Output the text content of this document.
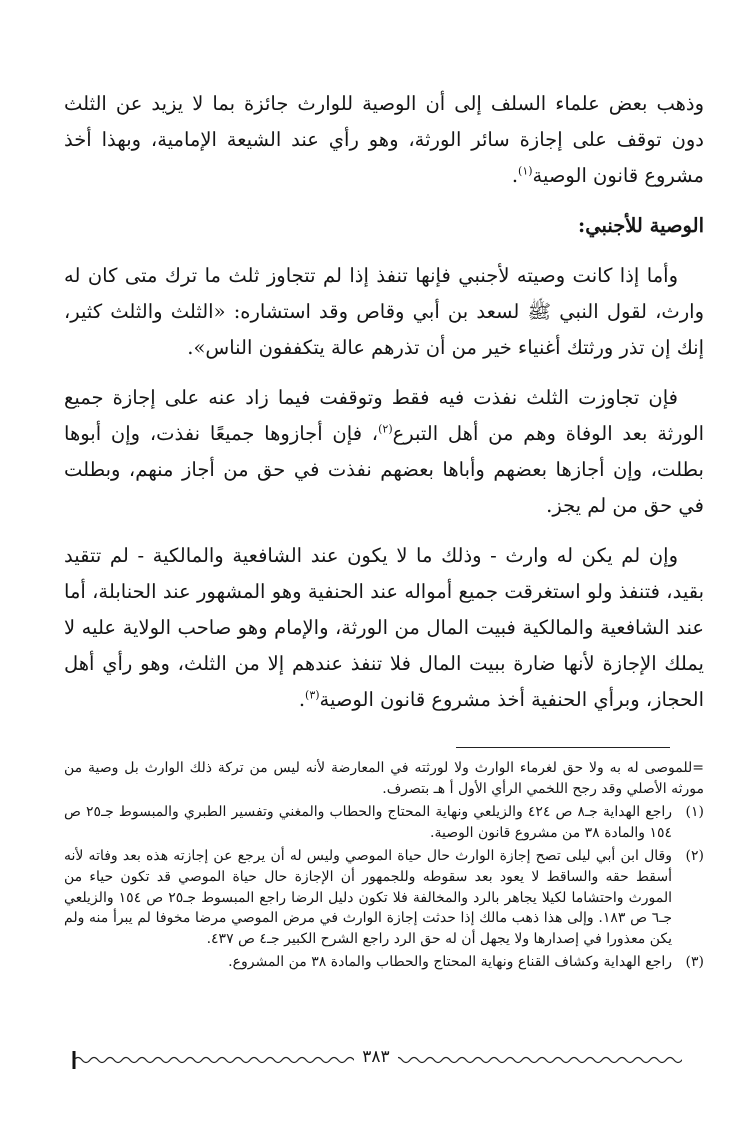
وذهب بعض علماء السلف إلى أن الوصية للوارث جائزة بما لا يزيد عن الثلث دون توقف على إجازة سائر الورثة، وهو رأي عند الشيعة الإمامية، وبهذا أخذ مشروع قانون الوصية$^{(١)}$.

الوصية للأجنبي:

وأما إذا كانت وصيته لأجنبي فإنها تنفذ إذا لم تتجاوز ثلث ما ترك متى كان له وارث، لقول النبي ﷺ لسعد بن أبي وقاص وقد استشاره: «الثلث والثلث كثير، إنك إن تذر ورثتك أغنياء خير من أن تذرهم عالة يتكففون الناس».

فإن تجاوزت الثلث نفذت فيه فقط وتوقفت فيما زاد عنه على إجازة جميع الورثة بعد الوفاة وهم من أهل التبرع$^{(٢)}$، فإن أجازوها جميعًا نفذت، وإن أبوها بطلت، وإن أجازها بعضهم وأباها بعضهم نفذت في حق من أجاز منهم، وبطلت في حق من لم يجز.

وإن لم يكن له وارث - وذلك ما لا يكون عند الشافعية والمالكية - لم تتقيد بقيد، فتنفذ ولو استغرقت جميع أمواله عند الحنفية وهو المشهور عند الحنابلة، أما عند الشافعية والمالكية فبيت المال من الورثة، والإمام وهو صاحب الولاية عليه لا يملك الإجازة لأنها ضارة ببيت المال فلا تنفذ عندهم إلا من الثلث، وهو رأي أهل الحجاز، وبرأي الحنفية أخذ مشروع قانون الوصية$^{(٣)}$.

=للموصى له به ولا حق لغرماء الوارث ولا لورثته في المعارضة لأنه ليس من تركة ذلك الوارث بل وصية من مورثه الأصلي وقد رجح اللخمي الرأي الأول أ هـ بتصرف.

(١)
راجع الهداية جـ٨ ص ٤٢٤ والزيلعي ونهاية المحتاج والحطاب والمغني وتفسير الطبري والمبسوط جـ٢٥ ص ١٥٤ والمادة ٣٨ من مشروع قانون الوصية.
(٢)
وقال ابن أبي ليلى تصح إجازة الوارث حال حياة الموصي وليس له أن يرجع عن إجازته هذه بعد وفاته لأنه أسقط حقه والساقط لا يعود بعد سقوطه وللجمهور أن الإجازة حال حياة الموصي قد تكون حياء من المورث واحتشاما لكيلا يجاهر بالرد والمخالفة فلا تكون دليل الرضا راجع المبسوط جـ٢٥ ص ١٥٤ والزيلعي جـ٦ ص ١٨٣. وإلى هذا ذهب مالك إذا حدثت إجازة الوارث في مرض الموصي مرضا مخوفا لم يبرأ منه ولم يكن معذورا في إصدارها ولا يجهل أن له حق الرد راجع الشرح الكبير جـ٤ ص ٤٣٧.
(٣)
راجع الهداية وكشاف القناع ونهاية المحتاج والحطاب والمادة ٣٨ من المشروع.
٣٨٣
